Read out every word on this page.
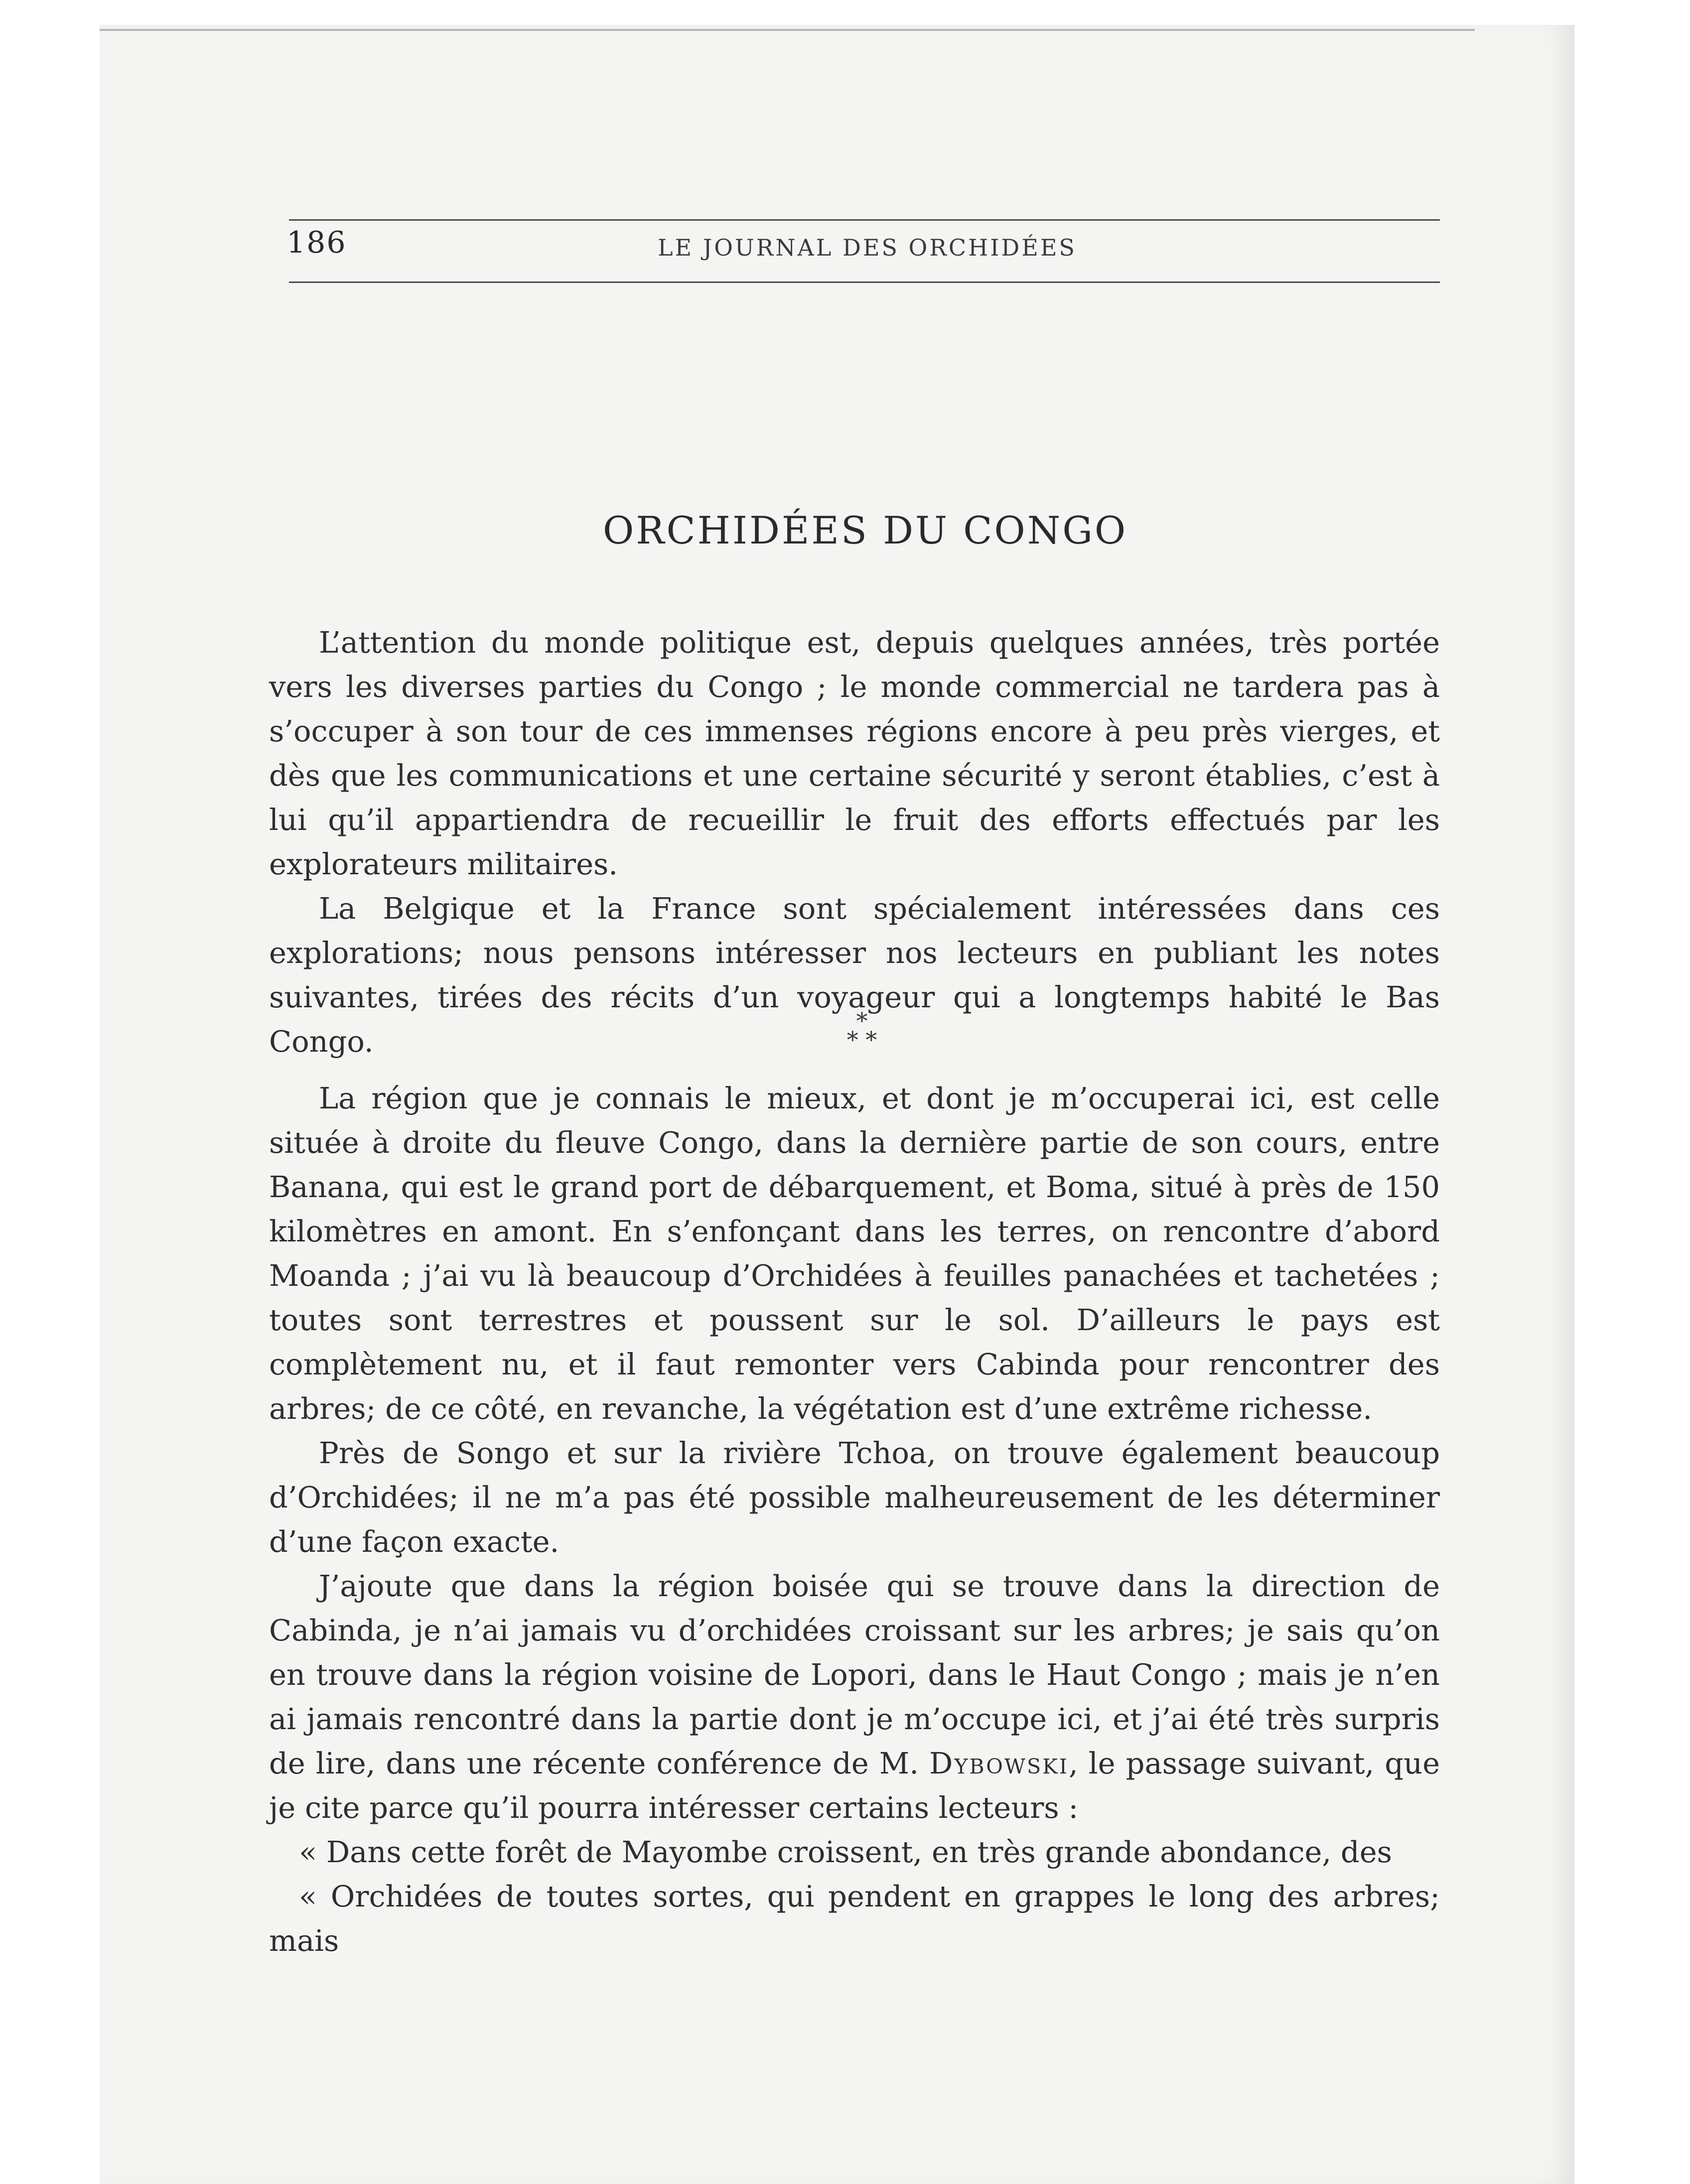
186	LE JOURNAL DES ORCHIDÉES
ORCHIDÉES DU CONGO

L’attention du monde politique est, depuis quelques années, très portée vers les diverses parties du Congo ; le monde commercial ne tardera pas à s’occuper à son tour de ces immenses régions encore à peu près vierges, et dès que les communications et une certaine sécurité y seront établies, c’est à lui qu’il appartiendra de recueillir le fruit des efforts effectués par les explorateurs militaires.

La Belgique et la France sont spécialement intéressées dans ces explorations; nous pensons intéresser nos lecteurs en publiant les notes suivantes, tirées des récits d’un voyageur qui a longtemps habité le Bas Congo.

*
* *

La région que je connais le mieux, et dont je m’occuperai ici, est celle située à droite du fleuve Congo, dans la dernière partie de son cours, entre Banana, qui est le grand port de débarquement, et Boma, situé à près de 150 kilomètres en amont. En s’enfonçant dans les terres, on rencontre d’abord Moanda ; j’ai vu là beaucoup d’Orchidées à feuilles panachées et tachetées ; toutes sont terrestres et poussent sur le sol. D’ailleurs le pays est complètement nu, et il faut remonter vers Cabinda pour rencontrer des arbres; de ce côté, en revanche, la végétation est d’une extrême richesse.

Près de Songo et sur la rivière Tchoa, on trouve également beaucoup d’Orchidées; il ne m’a pas été possible malheureusement de les déterminer d’une façon exacte.

J’ajoute que dans la région boisée qui se trouve dans la direction de Cabinda, je n’ai jamais vu d’orchidées croissant sur les arbres; je sais qu’on en trouve dans la région voisine de Lopori, dans le Haut Congo ; mais je n’en ai jamais rencontré dans la partie dont je m’occupe ici, et j’ai été très surpris de lire, dans une récente conférence de M. Dybowski, le passage suivant, que je cite parce qu’il pourra intéresser certains lecteurs :

« Dans cette forêt de Mayombe croissent, en très grande abondance, des

« Orchidées de toutes sortes, qui pendent en grappes le long des arbres; mais
